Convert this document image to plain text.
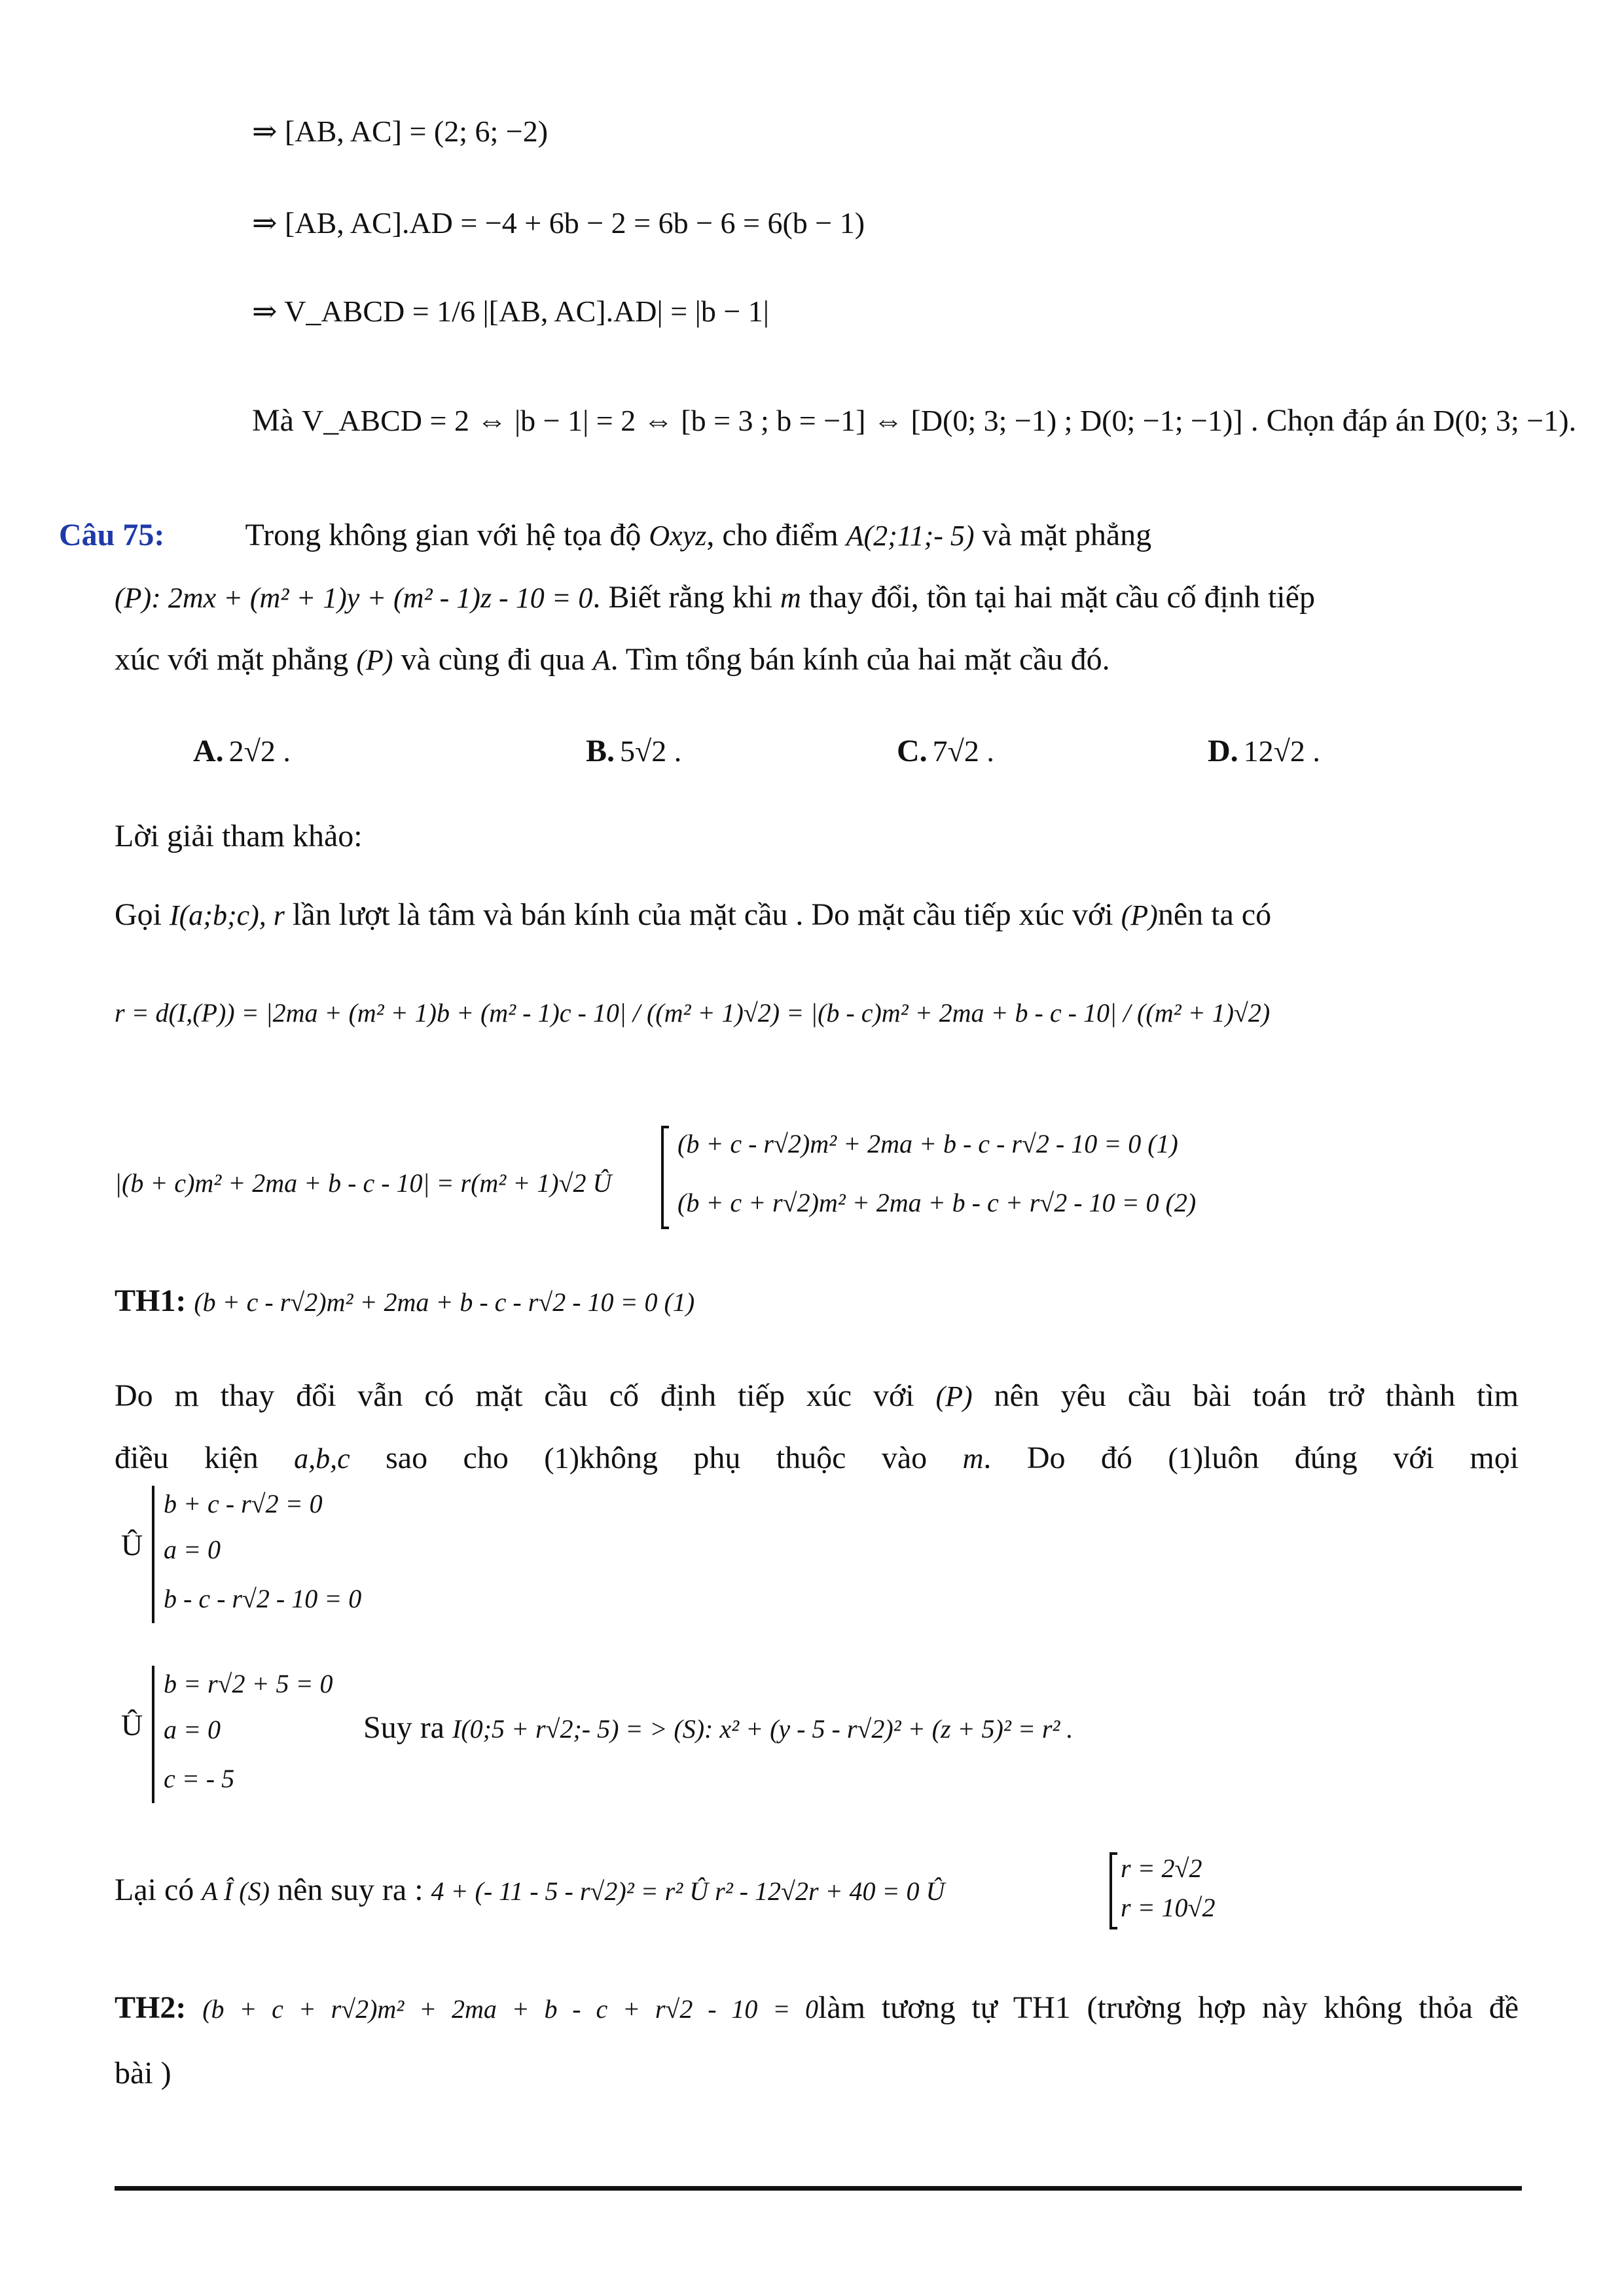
⇒ [AB, AC] = (2; 6; −2)
⇒ [AB, AC].AD = −4 + 6b − 2 = 6b − 6 = 6(b − 1)
⇒ V_ABCD = 1/6 |[AB, AC].AD| = |b − 1|
Mà V_ABCD = 2 ⇔ |b − 1| = 2 ⇔ [b = 3 ; b = −1] ⇔ [D(0; 3; −1) ; D(0; −1; −1)] . Chọn đáp án D(0; 3; −1).
Câu 75:	Trong không gian với hệ tọa độ Oxyz, cho điểm A(2;11;- 5) và mặt phẳng
(P): 2mx + (m² + 1)y + (m² - 1)z - 10 = 0. Biết rằng khi m thay đổi, tồn tại hai mặt cầu cố định tiếp
xúc với mặt phẳng (P) và cùng đi qua A. Tìm tổng bán kính của hai mặt cầu đó.
A. 2√2 .	B. 5√2 .	C. 7√2 .	D. 12√2 .
Lời giải tham khảo:
Gọi I(a;b;c), r lần lượt là tâm và bán kính của mặt cầu . Do mặt cầu tiếp xúc với (P)nên ta có
r = d(I,(P)) = |2ma + (m² + 1)b + (m² - 1)c - 10| / ((m² + 1)√2) = |(b - c)m² + 2ma + b - c - 10| / ((m² + 1)√2)
|(b + c)m² + 2ma + b - c - 10| = r(m² + 1)√2 Û
(b + c - r√2)m² + 2ma + b - c - r√2 - 10 = 0 (1)
(b + c + r√2)m² + 2ma + b - c + r√2 - 10 = 0 (2)
TH1: (b + c - r√2)m² + 2ma + b - c - r√2 - 10 = 0 (1)
Do m thay đổi vẫn có mặt cầu cố định tiếp xúc với (P) nên yêu cầu bài toán trở thành tìm
điều kiện a,b,c sao cho (1)không phụ thuộc vào m. Do đó (1)luôn đúng với mọi
Û
b + c - r√2 = 0
a = 0
b - c - r√2 - 10 = 0
Û
b = r√2 + 5 = 0
a = 0
c = - 5
Suy ra I(0;5 + r√2;- 5) = > (S): x² + (y - 5 - r√2)² + (z + 5)² = r² .
Lại có A Î (S) nên suy ra : 4 + (- 11 - 5 - r√2)² = r² Û r² - 12√2r + 40 = 0 Û
r = 2√2
r = 10√2
TH2: (b + c + r√2)m² + 2ma + b - c + r√2 - 10 = 0làm tương tự TH1 (trường hợp này không thỏa đề
bài )
